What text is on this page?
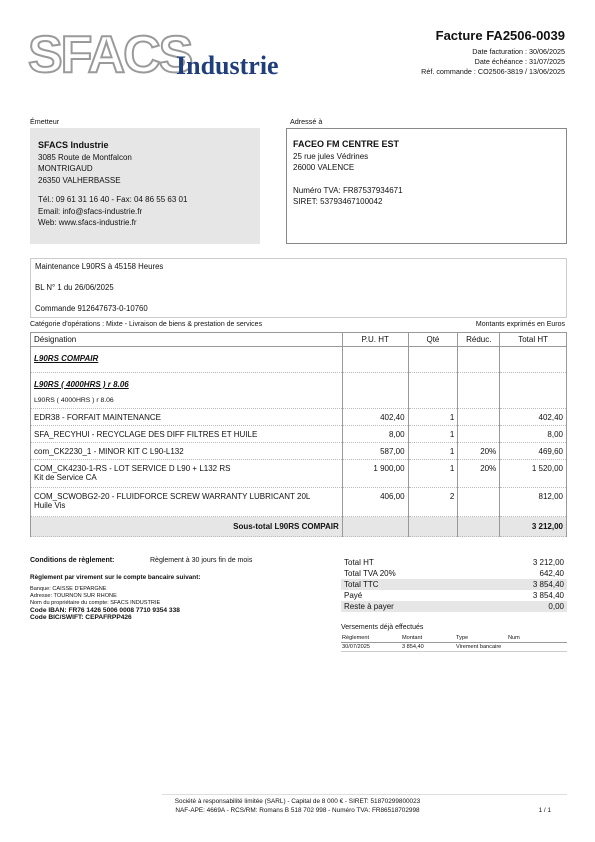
SFACS
Industrie
Facture FA2506-0039
Date facturation : 30/06/2025
Date échéance : 31/07/2025
Réf. commande : CO2506-3819 / 13/06/2025
Émetteur	Adressé à
SFACS Industrie
3085 Route de Montfalcon
MONTRIGAUD
26350 VALHERBASSE
Tél.: 09 61 31 16 40 - Fax: 04 86 55 63 01
Email: info@sfacs-industrie.fr
Web: www.sfacs-industrie.fr
FACEO FM CENTRE EST
25 rue jules Védrines
26000 VALENCE
Numéro TVA: FR87537934671
SIRET: 53793467100042
Maintenance L90RS à 45158 Heures
BL N° 1 du 26/06/2025
Commande 912647673-0-10760
Catégorie d'opérations : Mixte - Livraison de biens & prestation de services	Montants exprimés en Euros
Désignation	P.U. HT	Qté	Réduc.	Total HT
L90RS COMPAIR				

L90RS ( 4000HRS ) r 8.06
L90RS ( 4000HRS ) r 8.06				

EDR38 - FORFAIT MAINTENANCE	402,40	1		402,40
SFA_RECYHUI - RECYCLAGE DES DIFF FILTRES ET HUILE	8,00	1		8,00
com_CK2230_1 - MINOR KIT C L90-L132	587,00	1	20%	469,60

COM_CK4230-1-RS - LOT SERVICE D L90 + L132 RS
Kit de Service CA	1 900,00	1	20%	1 520,00

COM_SCWOBG2-20 - FLUIDFORCE SCREW WARRANTY LUBRICANT 20L
Huile Vis	406,00	2		812,00
Sous-total L90RS COMPAIR				3 212,00
Conditions de règlement:	Règlement à 30 jours fin de mois
Règlement par virement sur le compte bancaire suivant:
Banque: CAISSE D'EPARGNE
Adresse: TOURNON SUR RHONE
Nom du propriétaire du compte: SFACS INDUSTRIE
Code IBAN: FR76 1426 5006 0008 7710 9354 338
Code BIC/SWIFT: CEPAFRPP426
Total HT	3 212,00
Total TVA 20%	642,40
Total TTC	3 854,40
Payé	3 854,40
Reste à payer	0,00
Versements déjà effectués
Règlement	Montant	Type	Num
30/07/2025	3 854,40	Virement bancaire	
Société à responsabilité limitée (SARL) - Capital de 8 000 € - SIRET: 51870299800023
NAF-APE: 4669A - RCS/RM: Romans B 518 702 998 - Numéro TVA: FR86518702998	1 / 1
